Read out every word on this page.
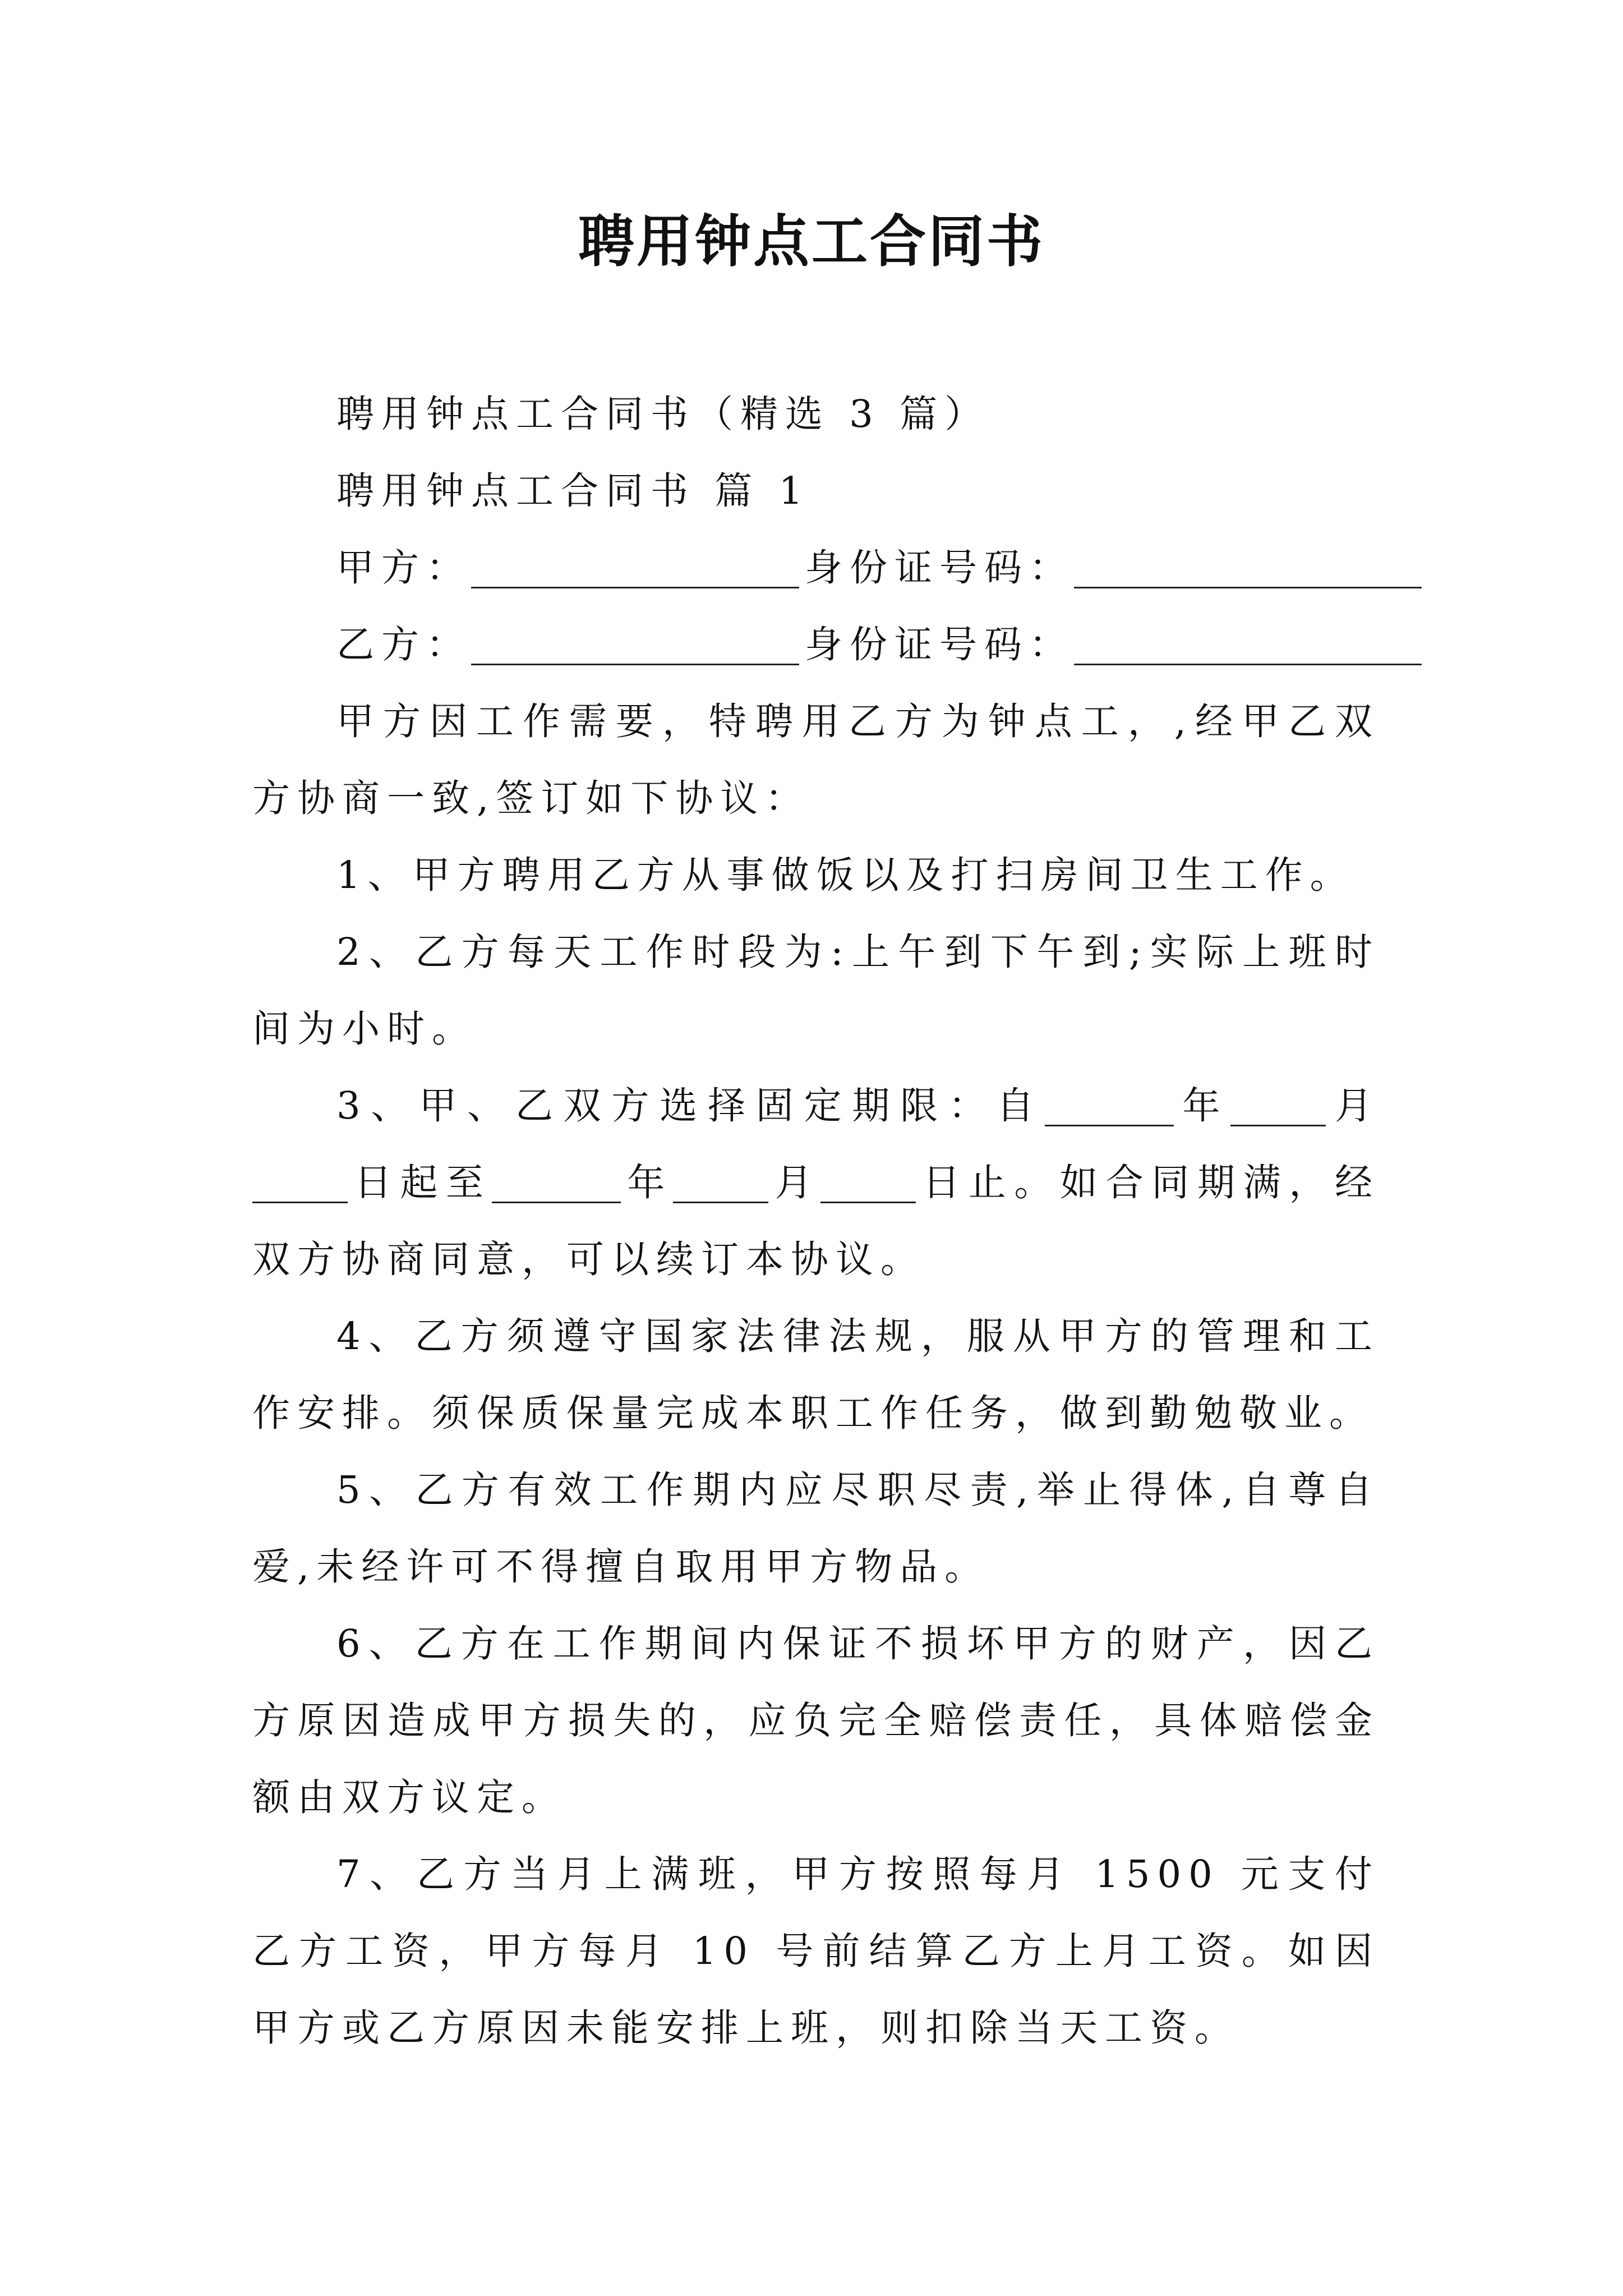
聘用钟点工合同书
聘用钟点工合同书（精选 3 篇）
聘用钟点工合同书 篇 1
甲方：	身份证号码：
乙方：	身份证号码：

甲方因工作需要，特聘用乙方为钟点工，,经甲乙双方协商一致,签订如下协议：

1、甲方聘用乙方从事做饭以及打扫房间卫生工作。

2、乙方每天工作时段为:上午到下午到;实际上班时间为小时。

3、甲、乙双方选择固定期限：自	年	月日起至	年	月	日止。如合同期满，经双方协商同意，可以续订本协议。

4、乙方须遵守国家法律法规，服从甲方的管理和工作安排。须保质保量完成本职工作任务，做到勤勉敬业。

5、乙方有效工作期内应尽职尽责,举止得体,自尊自爱,未经许可不得擅自取用甲方物品。

6、乙方在工作期间内保证不损坏甲方的财产，因乙方原因造成甲方损失的，应负完全赔偿责任，具体赔偿金额由双方议定。

7、乙方当月上满班，甲方按照每月 1500 元支付乙方工资，甲方每月 10 号前结算乙方上月工资。如因甲方或乙方原因未能安排上班，则扣除当天工资。
